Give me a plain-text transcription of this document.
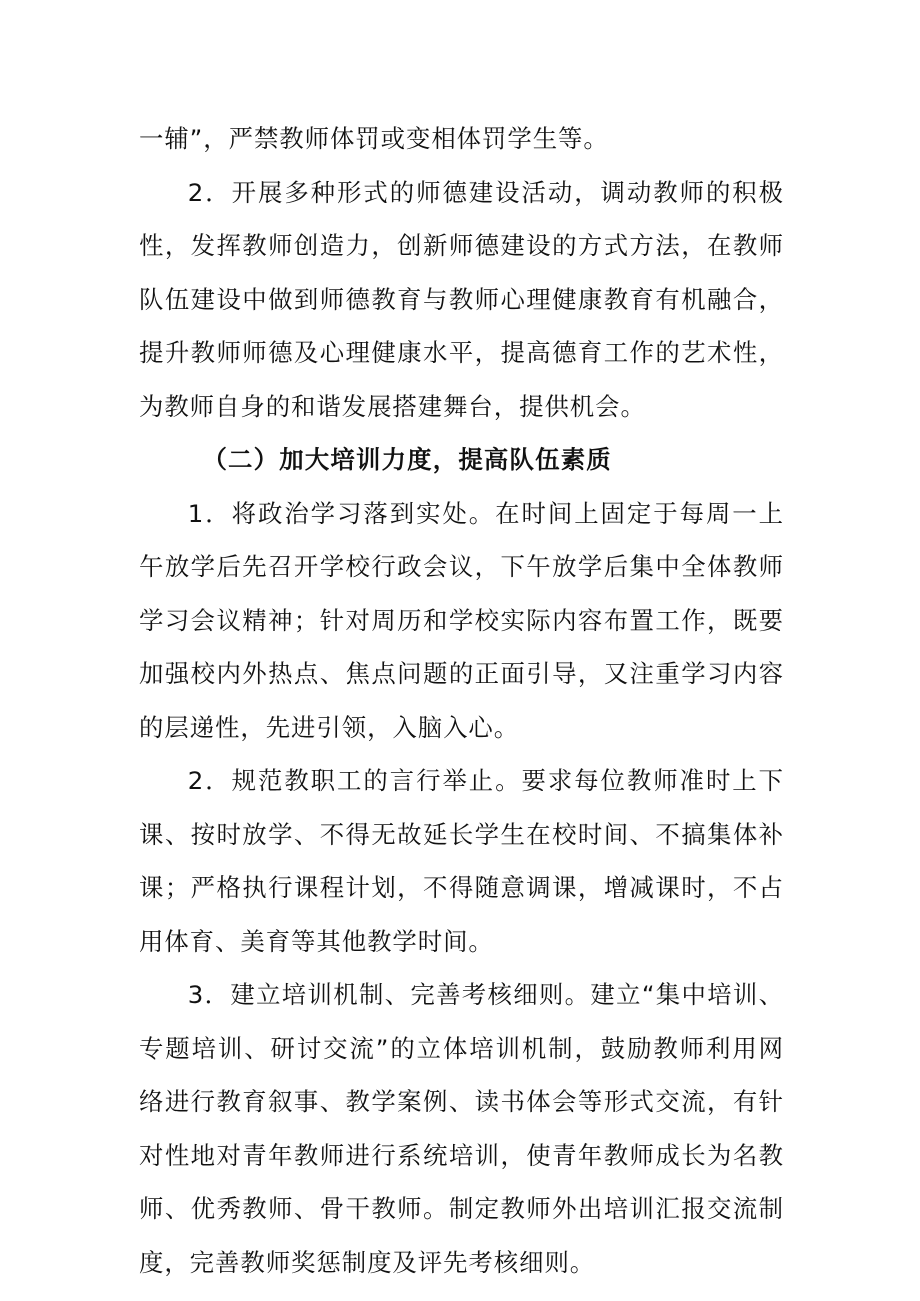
一辅”，严禁教师体罚或变相体罚学生等。

2．开展多种形式的师德建设活动，调动教师的积极性，发挥教师创造力，创新师德建设的方式方法，在教师队伍建设中做到师德教育与教师心理健康教育有机融合，提升教师师德及心理健康水平，提高德育工作的艺术性，为教师自身的和谐发展搭建舞台，提供机会。

（二）加大培训力度，提高队伍素质

1．将政治学习落到实处。在时间上固定于每周一上午放学后先召开学校行政会议，下午放学后集中全体教师学习会议精神；针对周历和学校实际内容布置工作，既要加强校内外热点、焦点问题的正面引导，又注重学习内容的层递性，先进引领，入脑入心。

2．规范教职工的言行举止。要求每位教师准时上下课、按时放学、不得无故延长学生在校时间、不搞集体补课；严格执行课程计划，不得随意调课，增减课时，不占用体育、美育等其他教学时间。

3．建立培训机制、完善考核细则。建立“集中培训、专题培训、研讨交流”的立体培训机制，鼓励教师利用网络进行教育叙事、教学案例、读书体会等形式交流，有针对性地对青年教师进行系统培训，使青年教师成长为名教师、优秀教师、骨干教师。制定教师外出培训汇报交流制度，完善教师奖惩制度及评先考核细则。
